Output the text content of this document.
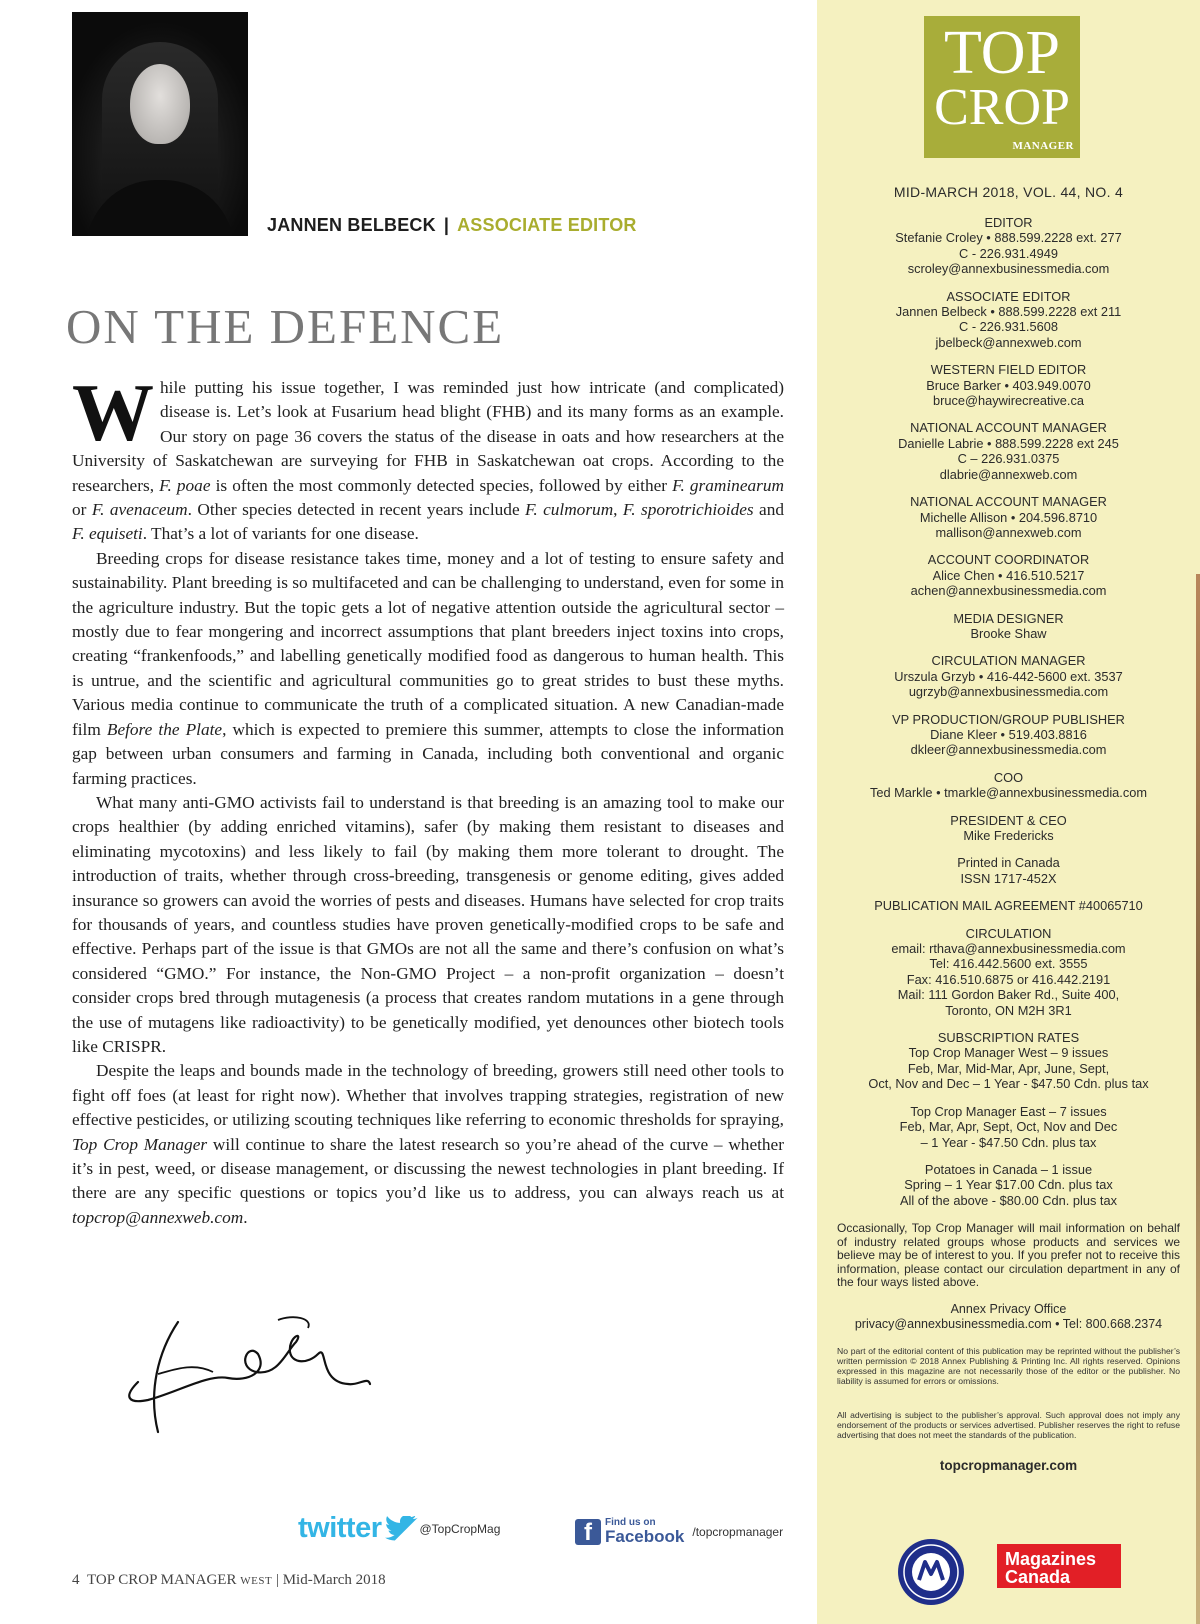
JANNEN BELBECK | ASSOCIATE EDITOR
ON THE DEFENCE

While putting his issue together, I was reminded just how intricate (and complicated) disease is. Let’s look at Fusarium head blight (FHB) and its many forms as an example. Our story on page 36 covers the status of the disease in oats and how researchers at the University of Saskatchewan are surveying for FHB in Saskatchewan oat crops. According to the researchers, F. poae is often the most commonly detected species, followed by either F. graminearum or F. avenaceum. Other species detected in recent years include F. culmorum, F. sporotrichioides and F. equiseti. That’s a lot of variants for one disease.

Breeding crops for disease resistance takes time, money and a lot of testing to ensure safety and sustainability. Plant breeding is so multifaceted and can be challenging to understand, even for some in the agriculture industry. But the topic gets a lot of negative attention outside the agricultural sector – mostly due to fear mongering and incorrect assumptions that plant breeders inject toxins into crops, creating “frankenfoods,” and labelling genetically modified food as dangerous to human health. This is untrue, and the scientific and agricultural communities go to great strides to bust these myths. Various media continue to communicate the truth of a complicated situation. A new Canadian-made film Before the Plate, which is expected to premiere this summer, attempts to close the information gap between urban consumers and farming in Canada, including both conventional and organic farming practices.

What many anti-GMO activists fail to understand is that breeding is an amazing tool to make our crops healthier (by adding enriched vitamins), safer (by making them resistant to diseases and eliminating mycotoxins) and less likely to fail (by making them more tolerant to drought. The introduction of traits, whether through cross-breeding, transgenesis or genome editing, gives added insurance so growers can avoid the worries of pests and diseases. Humans have selected for crop traits for thousands of years, and countless studies have proven genetically-modified crops to be safe and effective. Perhaps part of the issue is that GMOs are not all the same and there’s confusion on what’s considered “GMO.” For instance, the Non-GMO Project – a non-profit organization – doesn’t consider crops bred through mutagenesis (a process that creates random mutations in a gene through the use of mutagens like radioactivity) to be genetically modified, yet denounces other biotech tools like CRISPR.

Despite the leaps and bounds made in the technology of breeding, growers still need other tools to fight off foes (at least for right now). Whether that involves trapping strategies, registration of new effective pesticides, or utilizing scouting techniques like referring to economic thresholds for spraying, Top Crop Manager will continue to share the latest research so you’re ahead of the curve – whether it’s in pest, weed, or disease management, or discussing the newest technologies in plant breeding. If there are any specific questions or topics you’d like us to address, you can always reach us at topcrop@annexweb.com.

twitter	@TopCropMag	f	Find us on
Facebook /topcropmanager
4 TOP CROP MANAGER WEST | Mid-March 2018
TOP
CROP
MANAGER
MID-MARCH 2018, VOL. 44, NO. 4
EDITOR
Stefanie Croley • 888.599.2228 ext. 277
C - 226.931.4949
scroley@annexbusinessmedia.com
ASSOCIATE EDITOR
Jannen Belbeck • 888.599.2228 ext 211
C - 226.931.5608
jbelbeck@annexweb.com
WESTERN FIELD EDITOR
Bruce Barker • 403.949.0070
bruce@haywirecreative.ca
NATIONAL ACCOUNT MANAGER
Danielle Labrie • 888.599.2228 ext 245
C – 226.931.0375
dlabrie@annexweb.com
NATIONAL ACCOUNT MANAGER
Michelle Allison • 204.596.8710
mallison@annexweb.com
ACCOUNT COORDINATOR
Alice Chen • 416.510.5217
achen@annexbusinessmedia.com
MEDIA DESIGNER
Brooke Shaw
CIRCULATION MANAGER
Urszula Grzyb • 416-442-5600 ext. 3537
ugrzyb@annexbusinessmedia.com
VP PRODUCTION/GROUP PUBLISHER
Diane Kleer • 519.403.8816
dkleer@annexbusinessmedia.com
COO
Ted Markle • tmarkle@annexbusinessmedia.com
PRESIDENT & CEO
Mike Fredericks
Printed in Canada
ISSN 1717-452X
PUBLICATION MAIL AGREEMENT #40065710
CIRCULATION
email: rthava@annexbusinessmedia.com
Tel: 416.442.5600 ext. 3555
Fax: 416.510.6875 or 416.442.2191
Mail: 111 Gordon Baker Rd., Suite 400,
Toronto, ON M2H 3R1
SUBSCRIPTION RATES
Top Crop Manager West – 9 issues
Feb, Mar, Mid-Mar, Apr, June, Sept,
Oct, Nov and Dec – 1 Year - $47.50 Cdn. plus tax
Top Crop Manager East – 7 issues
Feb, Mar, Apr, Sept, Oct, Nov and Dec
– 1 Year - $47.50 Cdn. plus tax
Potatoes in Canada – 1 issue
Spring – 1 Year $17.00 Cdn. plus tax
All of the above - $80.00 Cdn. plus tax
Occasionally, Top Crop Manager will mail information on behalf of industry related groups whose products and services we believe may be of interest to you. If you prefer not to receive this information, please contact our circulation department in any of the four ways listed above.
Annex Privacy Office
privacy@annexbusinessmedia.com • Tel: 800.668.2374
No part of the editorial content of this publication may be reprinted without the publisher’s written permission © 2018 Annex Publishing & Printing Inc. All rights reserved. Opinions expressed in this magazine are not necessarily those of the editor or the publisher. No liability is assumed for errors or omissions.
All advertising is subject to the publisher’s approval. Such approval does not imply any endorsement of the products or services advertised. Publisher reserves the right to refuse advertising that does not meet the standards of the publication.
topcropmanager.com
Magazines
Canada
